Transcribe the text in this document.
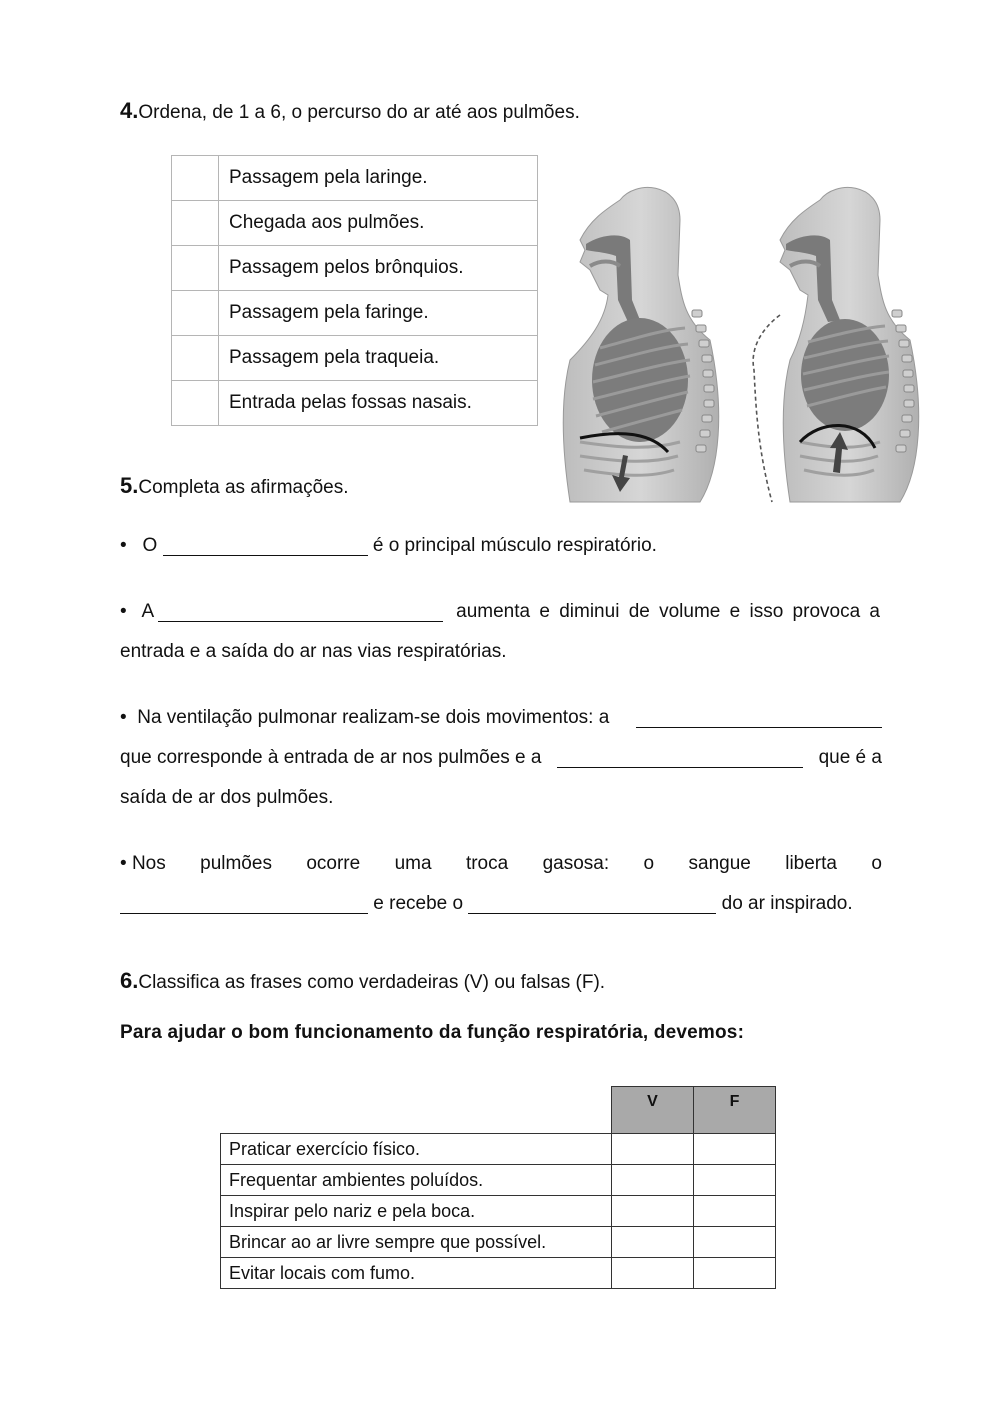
4.Ordena, de 1 a 6, o percurso do ar até aos pulmões.
	Passagem pela laringe.
	Chegada aos pulmões.
	Passagem pelos brônquios.
	Passagem pela faringe.
	Passagem pela traqueia.
	Entrada pelas fossas nasais.
5.Completa as afirmações.
• O	é o principal músculo respiratório.
• A	aumenta e diminui de volume e isso provoca a
entrada e a saída do ar nas vias respiratórias.
• Na ventilação pulmonar realizam-se dois movimentos: a
que corresponde à entrada de ar nos pulmões e a	que é a
saída de ar dos pulmões.
• Nos pulmões ocorre uma troca gasosa: o sangue liberta o
e recebe o	do ar inspirado.
6.Classifica as frases como verdadeiras (V) ou falsas (F).
Para ajudar o bom funcionamento da função respiratória, devemos:
	V	F
Praticar exercício físico.		
Frequentar ambientes poluídos.		
Inspirar pelo nariz e pela boca.		
Brincar ao ar livre sempre que possível.		
Evitar locais com fumo.		
